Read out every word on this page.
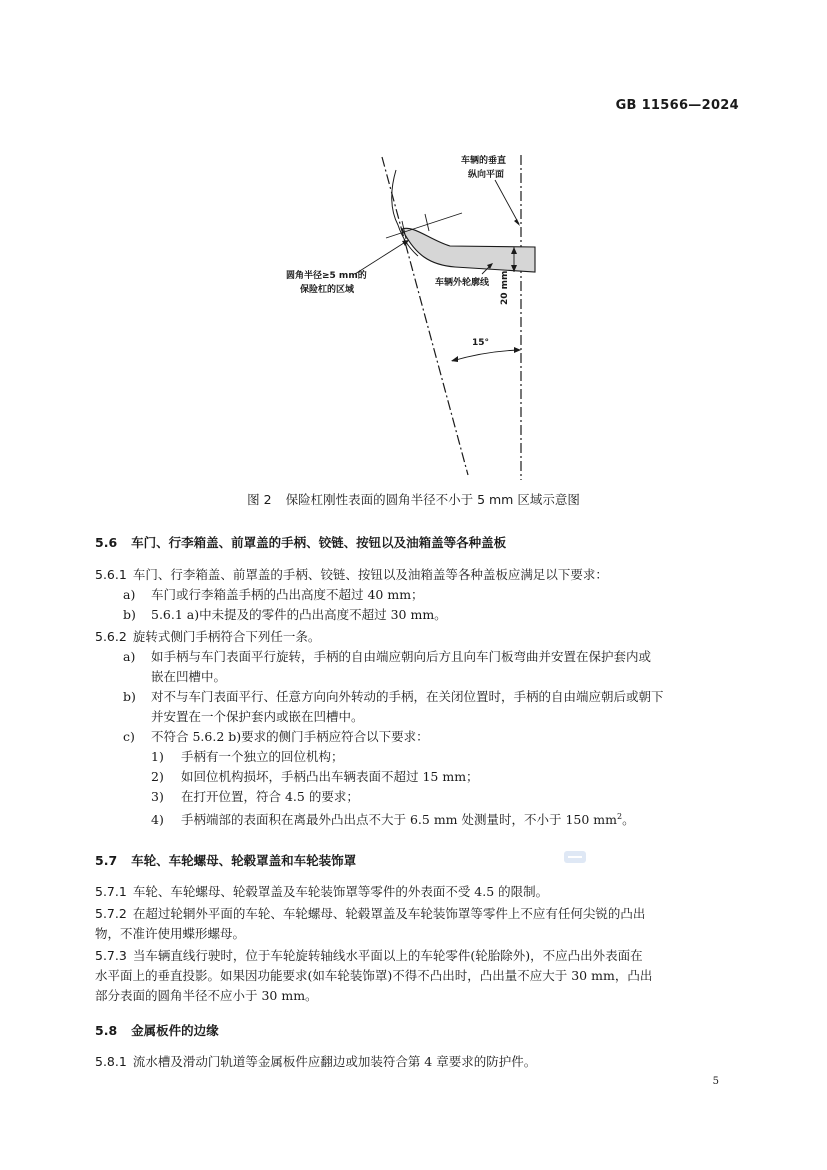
GB 11566—2024
车辆的垂直
纵向平面
圆角半径≥5 mm的
保险杠的区域
车辆外轮廓线 20 mm
15°
图 2 保险杠刚性表面的圆角半径不小于 5 mm 区域示意图
5.6 车门、行李箱盖、前罩盖的手柄、铰链、按钮以及油箱盖等各种盖板
5.6.1 车门、行李箱盖、前罩盖的手柄、铰链、按钮以及油箱盖等各种盖板应满足以下要求：
a) 车门或行李箱盖手柄的凸出高度不超过 40 mm；
b) 5.6.1 a)中未提及的零件的凸出高度不超过 30 mm。
5.6.2 旋转式侧门手柄符合下列任一条。
a) 如手柄与车门表面平行旋转，手柄的自由端应朝向后方且向车门板弯曲并安置在保护套内或
嵌在凹槽中。
b) 对不与车门表面平行、任意方向向外转动的手柄，在关闭位置时，手柄的自由端应朝后或朝下
并安置在一个保护套内或嵌在凹槽中。
c) 不符合 5.6.2 b)要求的侧门手柄应符合以下要求：
1) 手柄有一个独立的回位机构；
2) 如回位机构损坏，手柄凸出车辆表面不超过 15 mm；
3) 在打开位置，符合 4.5 的要求；
4) 手柄端部的表面积在离最外凸出点不大于 6.5 mm 处测量时，不小于 150 $mm^2$。
5.7 车轮、车轮螺母、轮毂罩盖和车轮装饰罩
5.7.1 车轮、车轮螺母、轮毂罩盖及车轮装饰罩等零件的外表面不受 4.5 的限制。
5.7.2 在超过轮辋外平面的车轮、车轮螺母、轮毂罩盖及车轮装饰罩等零件上不应有任何尖锐的凸出
物，不准许使用蝶形螺母。
5.7.3 当车辆直线行驶时，位于车轮旋转轴线水平面以上的车轮零件(轮胎除外)，不应凸出外表面在
水平面上的垂直投影。如果因功能要求(如车轮装饰罩)不得不凸出时，凸出量不应大于 30 mm，凸出
部分表面的圆角半径不应小于 30 mm。
5.8 金属板件的边缘
5.8.1 流水槽及滑动门轨道等金属板件应翻边或加装符合第 4 章要求的防护件。
5
